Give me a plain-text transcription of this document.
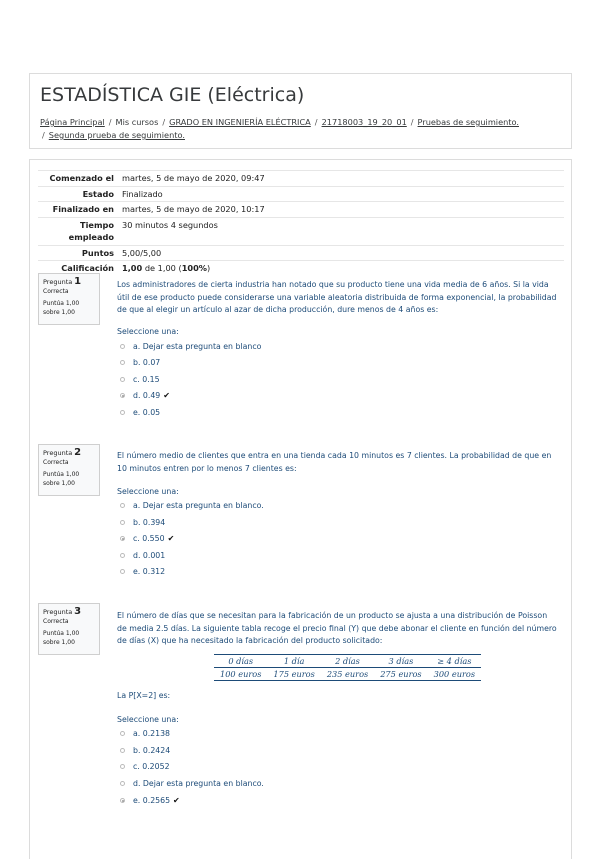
ESTADÍSTICA GIE (Eléctrica)
Página Principal / Mis cursos / GRADO EN INGENIERÍA ELÉCTRICA / 21718003_19_20_01 / Pruebas de seguimiento.
/ Segunda prueba de seguimiento.
Comenzado el	martes, 5 de mayo de 2020, 09:47
Estado	Finalizado
Finalizado en	martes, 5 de mayo de 2020, 10:17
Tiempo empleado	30 minutos 4 segundos
Puntos	5,00/5,00
Calificación	1,00 de 1,00 (100%)
Pregunta 1
Correcta
Puntúa 1,00
sobre 1,00
Los administradores de cierta industria han notado que su producto tiene una vida media de 6 años. Si la vida útil de ese producto puede considerarse una variable aleatoria distribuida de forma exponencial, la probabilidad de que al elegir un artículo al azar de dicha producción, dure menos de 4 años es:
Seleccione una:
a. Dejar esta pregunta en blanco
b. 0.07
c. 0.15
d. 0.49 ✔
e. 0.05
Pregunta 2
Correcta
Puntúa 1,00
sobre 1,00
El número medio de clientes que entra en una tienda cada 10 minutos es 7 clientes. La probabilidad de que en 10 minutos entren por lo menos 7 clientes es:
Seleccione una:
a. Dejar esta pregunta en blanco.
b. 0.394
c. 0.550 ✔
d. 0.001
e. 0.312
Pregunta 3
Correcta
Puntúa 1,00
sobre 1,00
El número de días que se necesitan para la fabricación de un producto se ajusta a una distribución de Poisson de media 2.5 días. La siguiente tabla recoge el precio final (Y) que debe abonar el cliente en función del número de días (X) que ha necesitado la fabricación del producto solicitado:
0 días	1 día	2 días	3 días	≥ 4 días
100 euros	175 euros	235 euros	275 euros	300 euros
La P[X=2] es:
Seleccione una:
a. 0.2138
b. 0.2424
c. 0.2052
d. Dejar esta pregunta en blanco.
e. 0.2565 ✔
